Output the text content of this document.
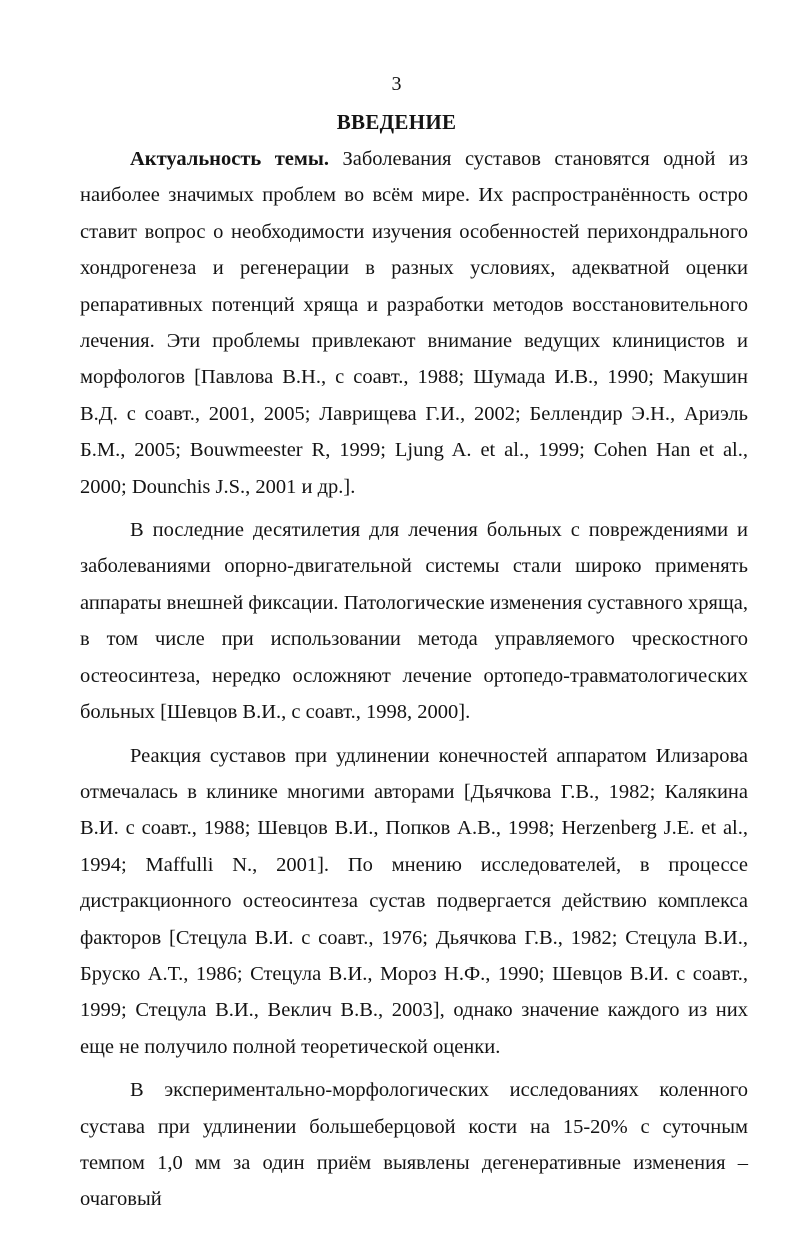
3
ВВЕДЕНИЕ

Актуальность темы. Заболевания суставов становятся одной из наиболее значимых проблем во всём мире. Их распространённость остро ставит вопрос о необходимости изучения особенностей перихондрального хондрогенеза и регенерации в разных условиях, адекватной оценки репаративных потенций хряща и разработки методов восстановительного лечения. Эти проблемы привлекают внимание ведущих клиницистов и морфологов [Павлова В.Н., с соавт., 1988; Шумада И.В., 1990; Макушин В.Д. с соавт., 2001, 2005; Лаврищева Г.И., 2002; Беллендир Э.Н., Ариэль Б.М., 2005; Bouwmeester R, 1999; Ljung A. et al., 1999; Cohen Han et al., 2000; Dounchis J.S., 2001 и др.].

В последние десятилетия для лечения больных с повреждениями и заболеваниями опорно-двигательной системы стали широко применять аппараты внешней фиксации. Патологические изменения суставного хряща, в том числе при использовании метода управляемого чрескостного остеосинтеза, нередко осложняют лечение ортопедо-травматологических больных [Шевцов В.И., с соавт., 1998, 2000].

Реакция суставов при удлинении конечностей аппаратом Илизарова отмечалась в клинике многими авторами [Дьячкова Г.В., 1982; Калякина В.И. с соавт., 1988; Шевцов В.И., Попков А.В., 1998; Herzenberg J.E. et al., 1994; Maffulli N., 2001]. По мнению исследователей, в процессе дистракционного остеосинтеза сустав подвергается действию комплекса факторов [Стецула В.И. с соавт., 1976; Дьячкова Г.В., 1982; Стецула В.И., Бруско А.Т., 1986; Стецула В.И., Мороз Н.Ф., 1990; Шевцов В.И. с соавт., 1999; Стецула В.И., Веклич В.В., 2003], однако значение каждого из них еще не получило полной теоретической оценки.

В экспериментально-морфологических исследованиях коленного сустава при удлинении большеберцовой кости на 15-20% с суточным темпом 1,0 мм за один приём выявлены дегенеративные изменения – очаговый
